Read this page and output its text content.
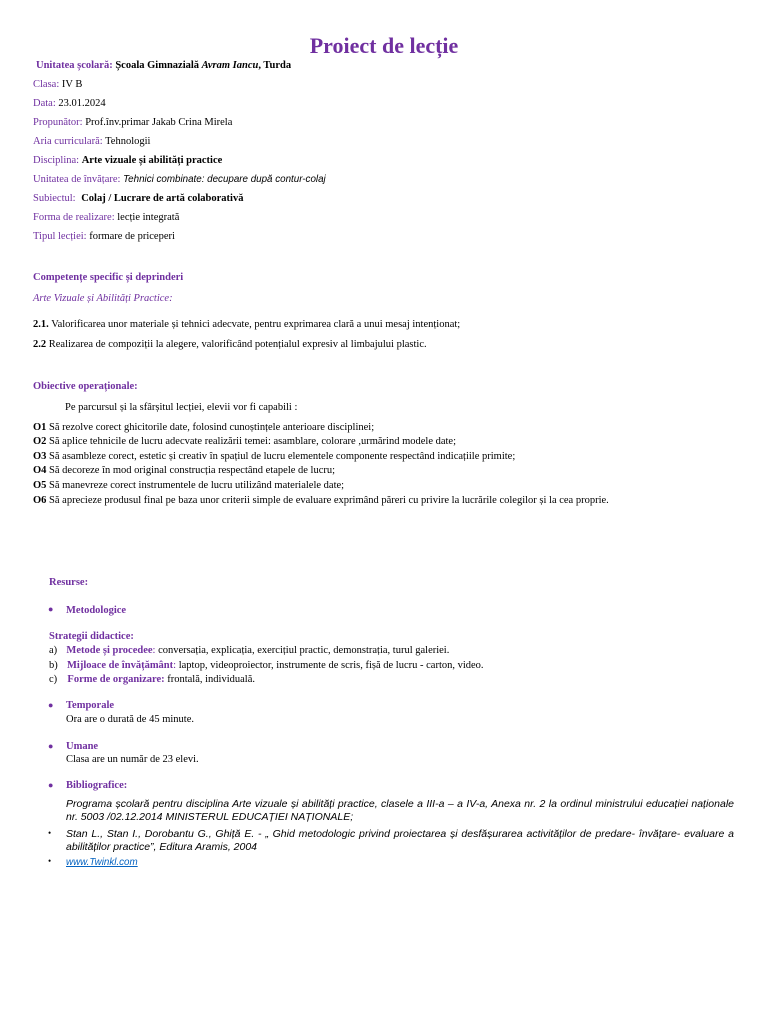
Proiect de lecție
Unitatea școlară: Școala Gimnazială Avram Iancu, Turda
Clasa: IV B
Data: 23.01.2024
Propunător: Prof.înv.primar Jakab Crina Mirela
Aria curriculară: Tehnologii
Disciplina: Arte vizuale și abilități practice
Unitatea de învățare: Tehnici combinate: decupare după contur-colaj
Subiectul: Colaj / Lucrare de artă colaborativă
Forma de realizare: lecție integrată
Tipul lecției: formare de priceperi
Competențe specific și deprinderi
Arte Vizuale și Abilități Practice:
2.1. Valorificarea unor materiale și tehnici adecvate, pentru exprimarea clară a unui mesaj intenționat;
2.2 Realizarea de compoziții la alegere, valorificând potențialul expresiv al limbajului plastic.
Obiective operaționale:
Pe parcursul și la sfârșitul lecției, elevii vor fi capabili :
O1 Să rezolve corect ghicitorile date, folosind cunoștințele anterioare disciplinei;
O2 Să aplice tehnicile de lucru adecvate realizării temei: asamblare, colorare ,urmărind modele date;
O3 Să asambleze corect, estetic și creativ în spațiul de lucru elementele componente respectând indicațiile primite;
O4 Să decoreze în mod original construcția respectând etapele de lucru;
O5 Să manevreze corect instrumentele de lucru utilizând materialele date;
O6 Să aprecieze produsul final pe baza unor criterii simple de evaluare exprimând păreri cu privire la lucrările colegilor și la cea proprie.
Resurse:
● Metodologice
Strategii didactice:
a) Metode și procedee: conversația, explicația, exercițiul practic, demonstrația, turul galeriei.
b) Mijloace de învățământ: laptop, videoproiector, instrumente de scris, fișă de lucru - carton, video.
c) Forme de organizare: frontală, individuală.
● Temporale
Ora are o durată de 45 minute.
● Umane
Clasa are un număr de 23 elevi.
● Bibliografice:
Programa școlară pentru disciplina Arte vizuale și abilități practice, clasele a III-a – a IV-a, Anexa nr. 2 la ordinul ministrului educației naționale nr. 5003 /02.12.2014 MINISTERUL EDUCAȚIEI NAȚIONALE;
• Stan L., Stan I., Dorobantu G., Ghiță E. - „ Ghid metodologic privind proiectarea și desfășurarea activităților de predare- învățare- evaluare a abilităților practice”, Editura Aramis, 2004
• www.Twinkl.com
